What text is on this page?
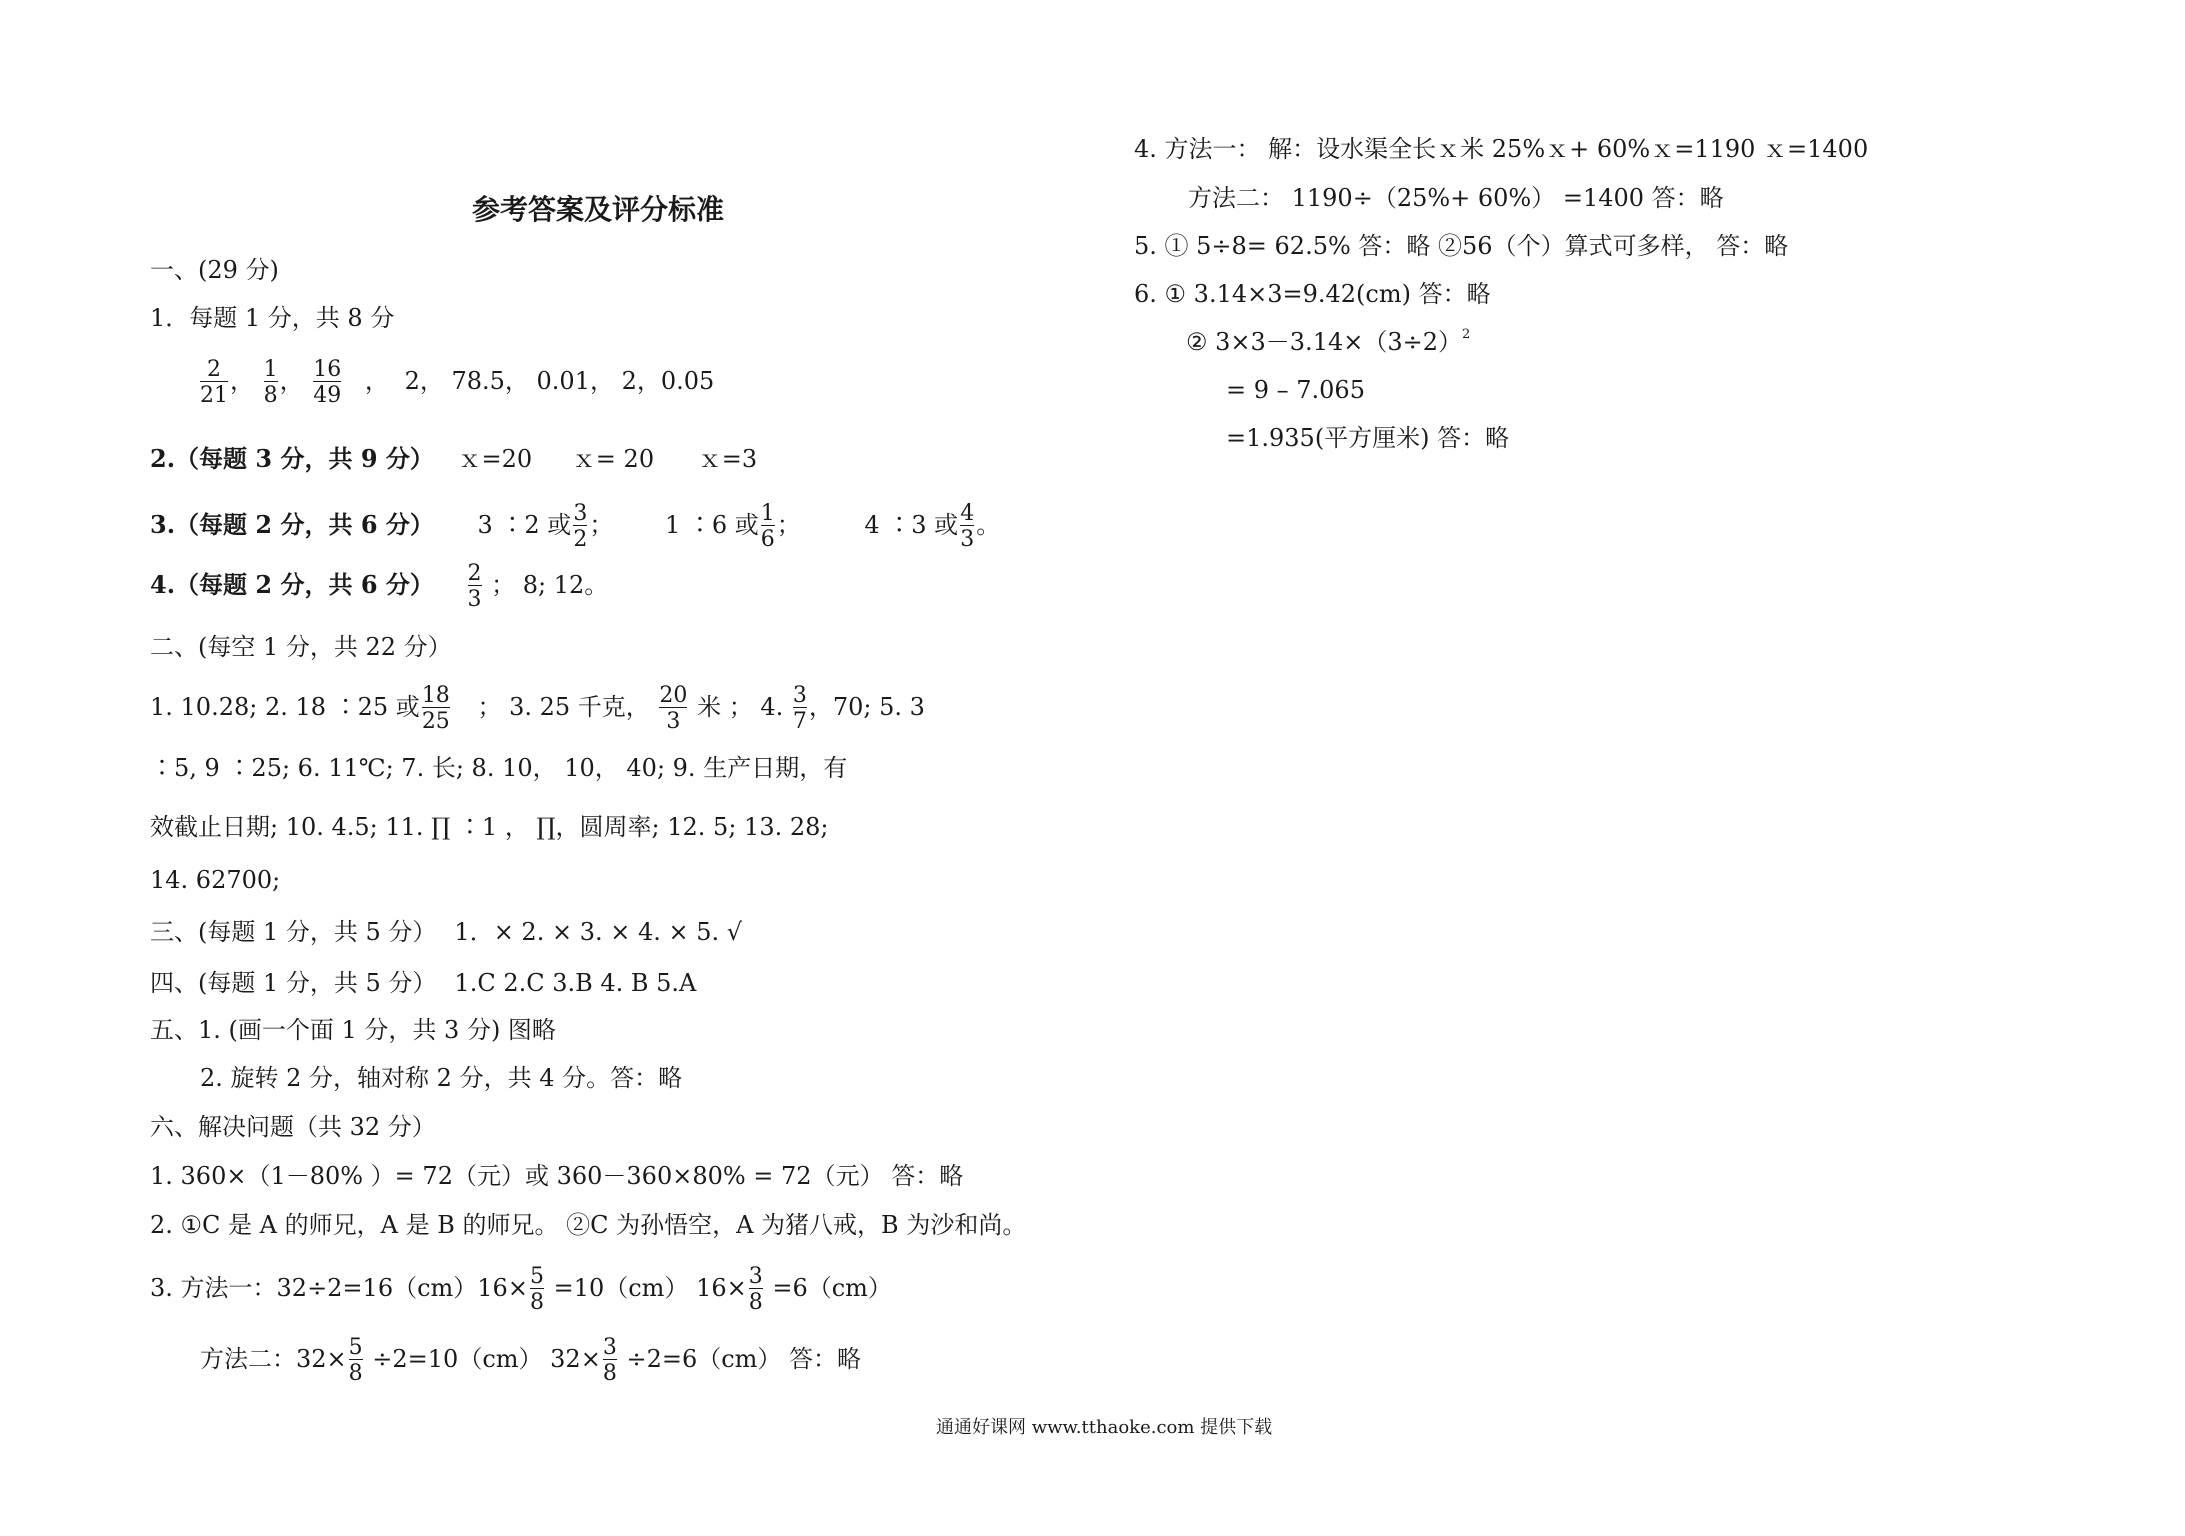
参考答案及评分标准
一、(29 分)
1．每题 1 分，共 8 分
$\frac{2}{21}$ ， $\frac{1}{8}$ ， $\frac{16}{49}$ ， 2， 78.5， 0.01， 2，0.05
2.（每题 3 分，共 9 分） ｘ=20 ｘ= 20 ｘ=3
3.（每题 2 分，共 6 分） 3 ∶2 或 $\frac{3}{2}$ ； 1 ∶6 或 $\frac{1}{6}$ ；	4 ∶3 或 $\frac{4}{3}$ 。
4.（每题 2 分，共 6 分） $\frac{2}{3}$ ； 8; 12。
二、(每空 1 分，共 22 分）
1. 10.28; 2. 18 ∶25 或 $\frac{18}{25}$ ； 3. 25 千克， $\frac{20}{3}$ 米 ； 4. $\frac{3}{7}$ ，70; 5. 3
∶5, 9 ∶25; 6. 11℃; 7. 长; 8. 10， 10， 40; 9. 生产日期，有
效截止日期; 10. 4.5; 11. ∏ ∶1 ， ∏，圆周率; 12. 5; 13. 28;
14. 62700;
三、(每题 1 分，共 5 分） 1．× 2. × 3. × 4. × 5. √
四、(每题 1 分，共 5 分） 1.C 2.C 3.B 4. B 5.A
五、1. (画一个面 1 分，共 3 分) 图略
2. 旋转 2 分，轴对称 2 分，共 4 分。答：略
六、解决问题（共 32 分）
1. 360×（1－80% ）= 72（元）或 360－360×80% = 72（元） 答：略
2. ①C 是 A 的师兄，A 是 B 的师兄。 ②C 为孙悟空，A 为猪八戒，B 为沙和尚。
3. 方法一：$32\div 2=16(cm)16\times \frac{5}{8} =10(cm)$ $16\times \frac{3}{8} =6(cm)$
方法二：$32\times \frac{5}{8} \div 2=10(cm)$ $32\times \frac{3}{8} \div 2=6(cm)$ 答：略
4. 方法一： 解：设水渠全长ｘ米 25%ｘ+ 60%ｘ=1190 ｘ=1400
方法二： 1190÷（25%+ 60%） =1400 答：略
5. ① 5÷8= 62.5% 答：略 ②56（个）算式可多样， 答：略
6. ① 3.14×3=9.42(cm) 答：略
② $3\times 3-3.14\times(3\div 2)^2$
= 9 – 7.065
=1.935(平方厘米) 答：略
通通好课网 www.tthaoke.com 提供下载
